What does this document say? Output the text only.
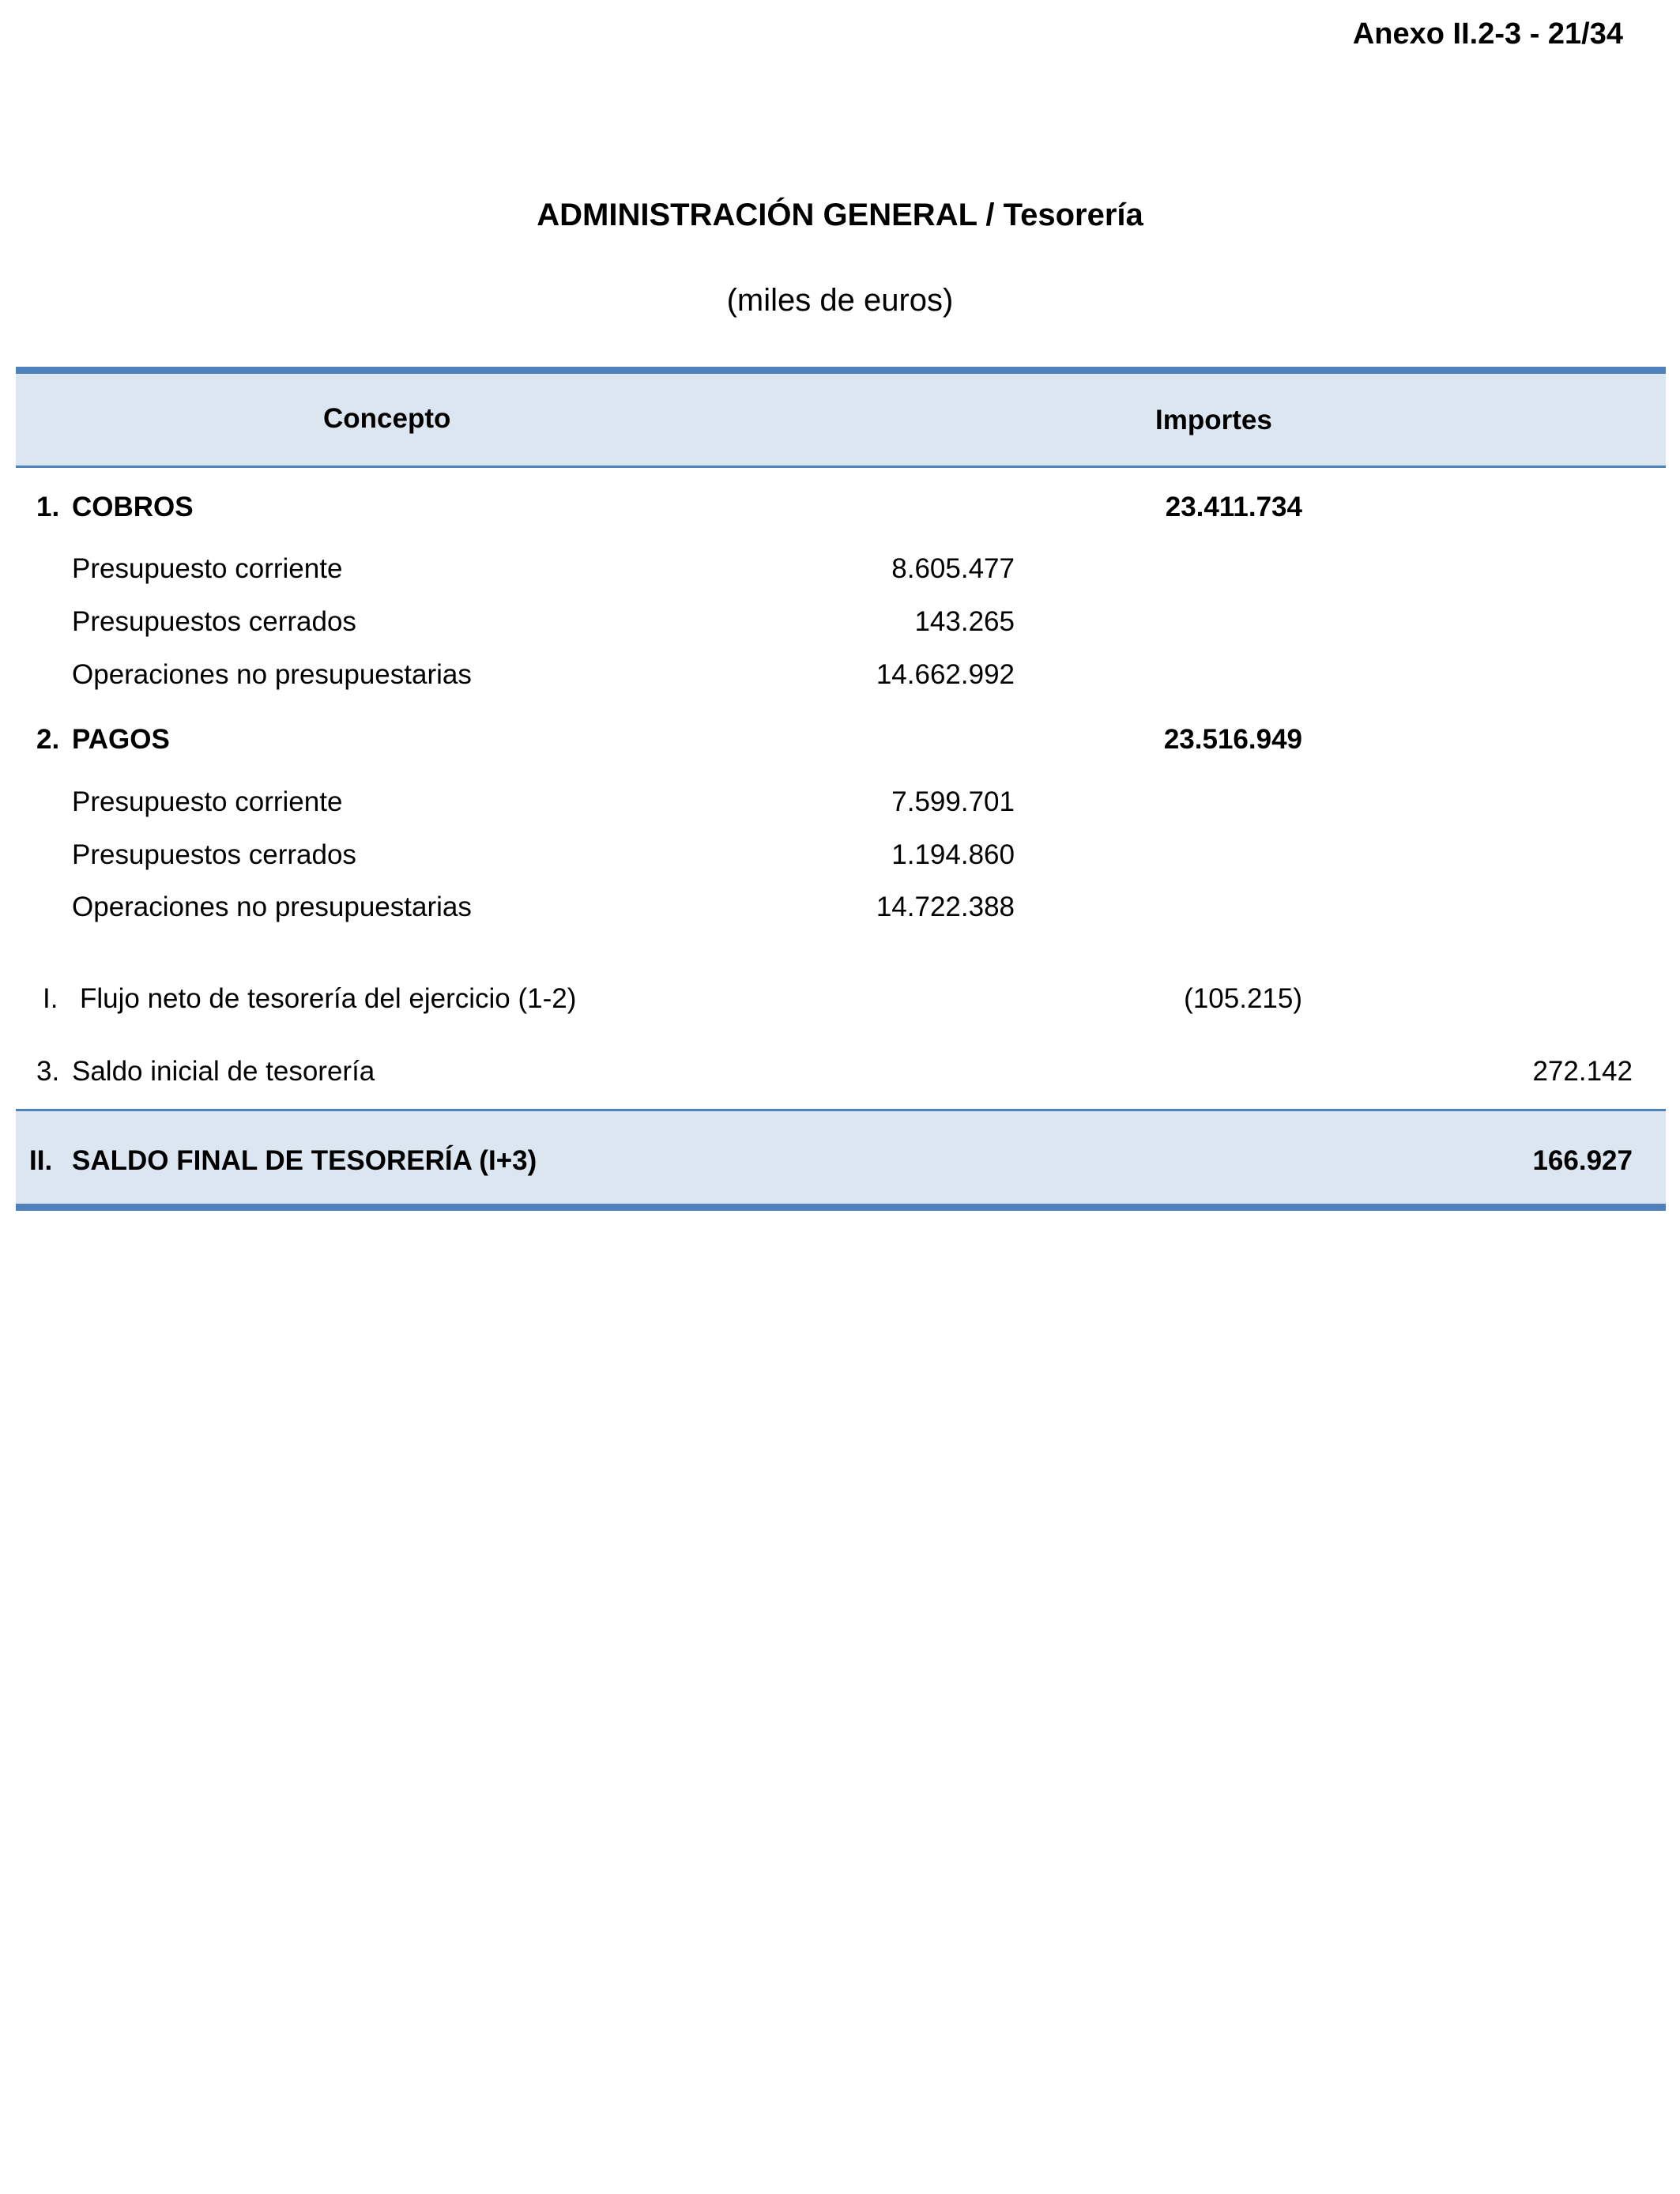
Anexo II.2-3 - 21/34
ADMINISTRACIÓN GENERAL / Tesorería
(miles de euros)
Concepto	Importes
1. COBROS	23.411.734
Presupuesto corriente	8.605.477
Presupuestos cerrados	143.265
Operaciones no presupuestarias	14.662.992
2. PAGOS	23.516.949
Presupuesto corriente	7.599.701
Presupuestos cerrados	1.194.860
Operaciones no presupuestarias	14.722.388
I. Flujo neto de tesorería del ejercicio (1-2)	(105.215)
3. Saldo inicial de tesorería	272.142
II. SALDO FINAL DE TESORERÍA (I+3)	166.927
